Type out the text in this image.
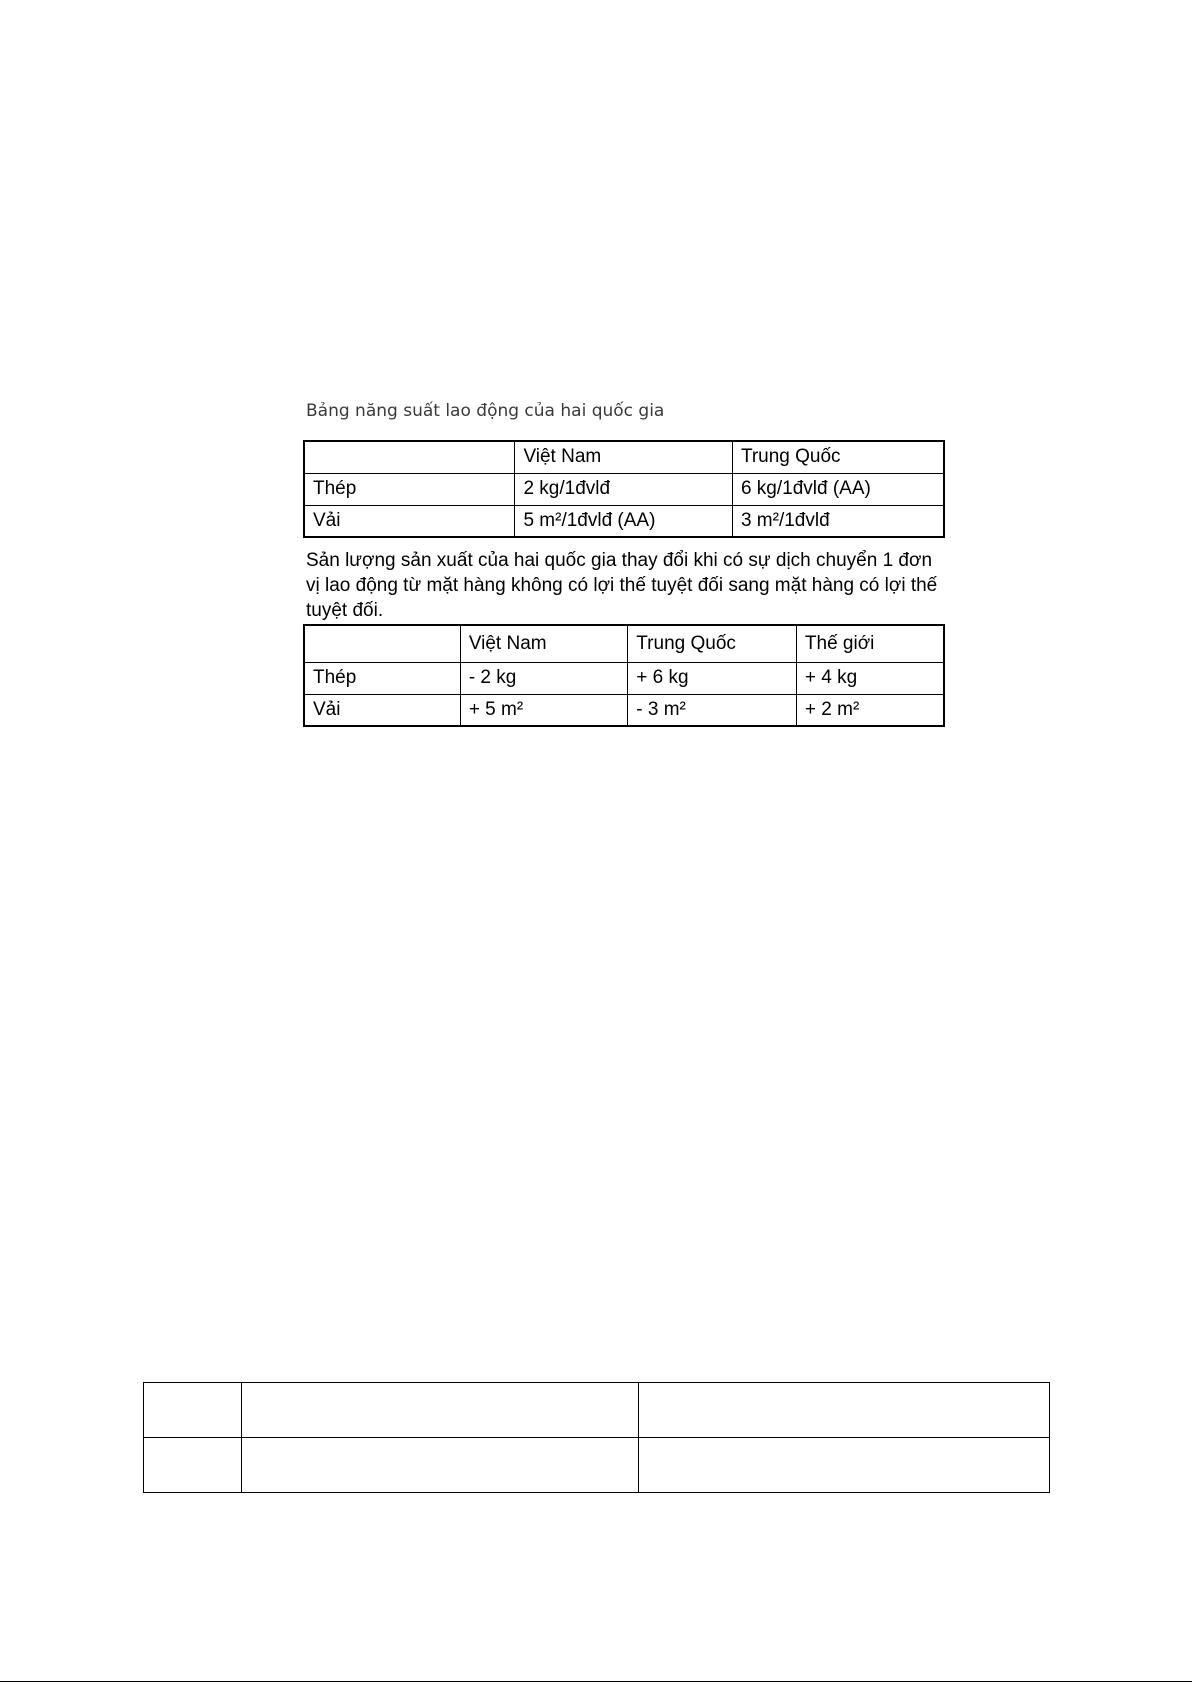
Bảng năng suất lao động của hai quốc gia
	Việt Nam	Trung Quốc
Thép	2 kg/1đvlđ	6 kg/1đvlđ (AA)
Vải	5 m²/1đvlđ (AA)	3 m²/1đvlđ
Sản lượng sản xuất của hai quốc gia thay đổi khi có sự dịch chuyển 1 đơn vị lao động từ mặt hàng không có lợi thế tuyệt đối sang mặt hàng có lợi thế tuyệt đối.
	Việt Nam	Trung Quốc	Thế giới
Thép	- 2 kg	+ 6 kg	+ 4 kg
Vải	+ 5 m²	- 3 m²	+ 2 m²
